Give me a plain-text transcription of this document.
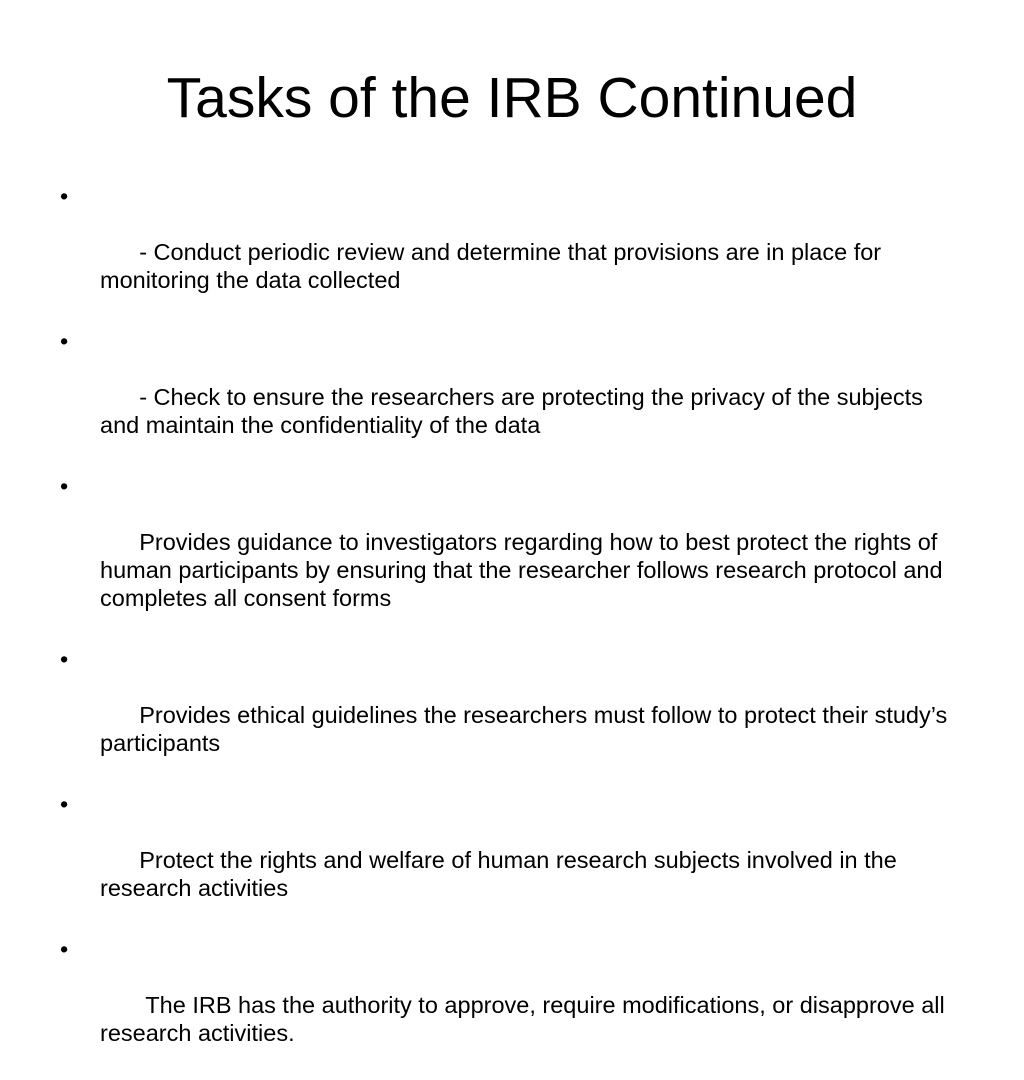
Tasks of the IRB Continued

•

- Conduct periodic review and determine that provisions are in place for monitoring the data collected

•

- Check to ensure the researchers are protecting the privacy of the subjects and maintain the confidentiality of the data

•

Provides guidance to investigators regarding how to best protect the rights of human participants by ensuring that the researcher follows research protocol and completes all consent forms

•

Provides ethical guidelines the researchers must follow to protect their study’s participants

•

Protect the rights and welfare of human research subjects involved in the research activities

•

The IRB has the authority to approve, require modifications, or disapprove all research activities.
